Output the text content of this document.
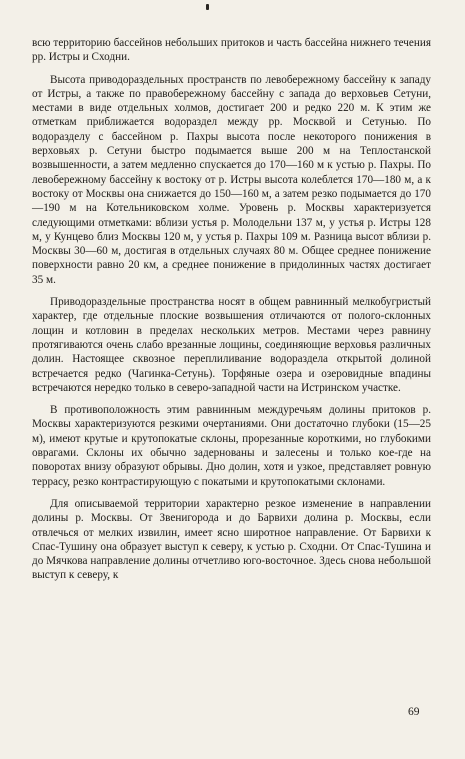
всю территорию бассейнов небольших притоков и часть бассейна нижнего течения рр. Истры и Сходни.

Высота приводораздельных пространств по левобережному бассейну к западу от Истры, а также по правобережному бассейну с запада до верховьев Сетуни, местами в виде отдельных холмов, достигает 200 и редко 220 м. К этим же отметкам приближается водораздел между рр. Москвой и Сетунью. По водоразделу с бассейном р. Пахры высота после некоторого понижения в верховьях р. Сетуни быстро подымается выше 200 м на Теплостанской возвышенности, а затем медленно спускается до 170—160 м к устью р. Пахры. По левобережному бассейну к востоку от р. Истры высота колеблется 170—180 м, а к востоку от Москвы она снижается до 150—160 м, а затем резко подымается до 170—190 м на Котельниковском холме. Уровень р. Москвы характеризуется следующими отметками: вблизи устья р. Молодельни 137 м, у устья р. Истры 128 м, у Кунцево близ Москвы 120 м, у устья р. Пахры 109 м. Разница высот вблизи р. Москвы 30—60 м, достигая в отдельных случаях 80 м. Общее среднее понижение поверхности равно 20 км, а среднее понижение в придолинных частях достигает 35 м.

Приводораздельные пространства носят в общем равнинный мелкобугристый характер, где отдельные плоские возвышения отличаются от полого-склонных лощин и котловин в пределах нескольких метров. Местами через равнину протягиваются очень слабо врезанные лощины, соединяющие верховья различных долин. Настоящее сквозное переплиливание водораздела открытой долиной встречается редко (Чагинка-Сетунь). Торфяные озера и озеровидные впадины встречаются нередко только в северо-западной части на Истринском участке.

В противоположность этим равнинным междуречьям долины притоков р. Москвы характеризуются резкими очертаниями. Они достаточно глубоки (15—25 м), имеют крутые и крутопокатые склоны, прорезанные короткими, но глубокими оврагами. Склоны их обычно задернованы и залесены и только кое-где на поворотах внизу образуют обрывы. Дно долин, хотя и узкое, представляет ровную террасу, резко контрастирующую с покатыми и крутопокатыми склонами.

Для описываемой территории характерно резкое изменение в направлении долины р. Москвы. От Звенигорода и до Барвихи долина р. Москвы, если отвлечься от мелких извилин, имеет ясно широтное направление. От Барвихи к Спас-Тушину она образует выступ к северу, к устью р. Сходни. От Спас-Тушина и до Мячкова направление долины отчетливо юго-восточное. Здесь снова небольшой выступ к северу, к

69
